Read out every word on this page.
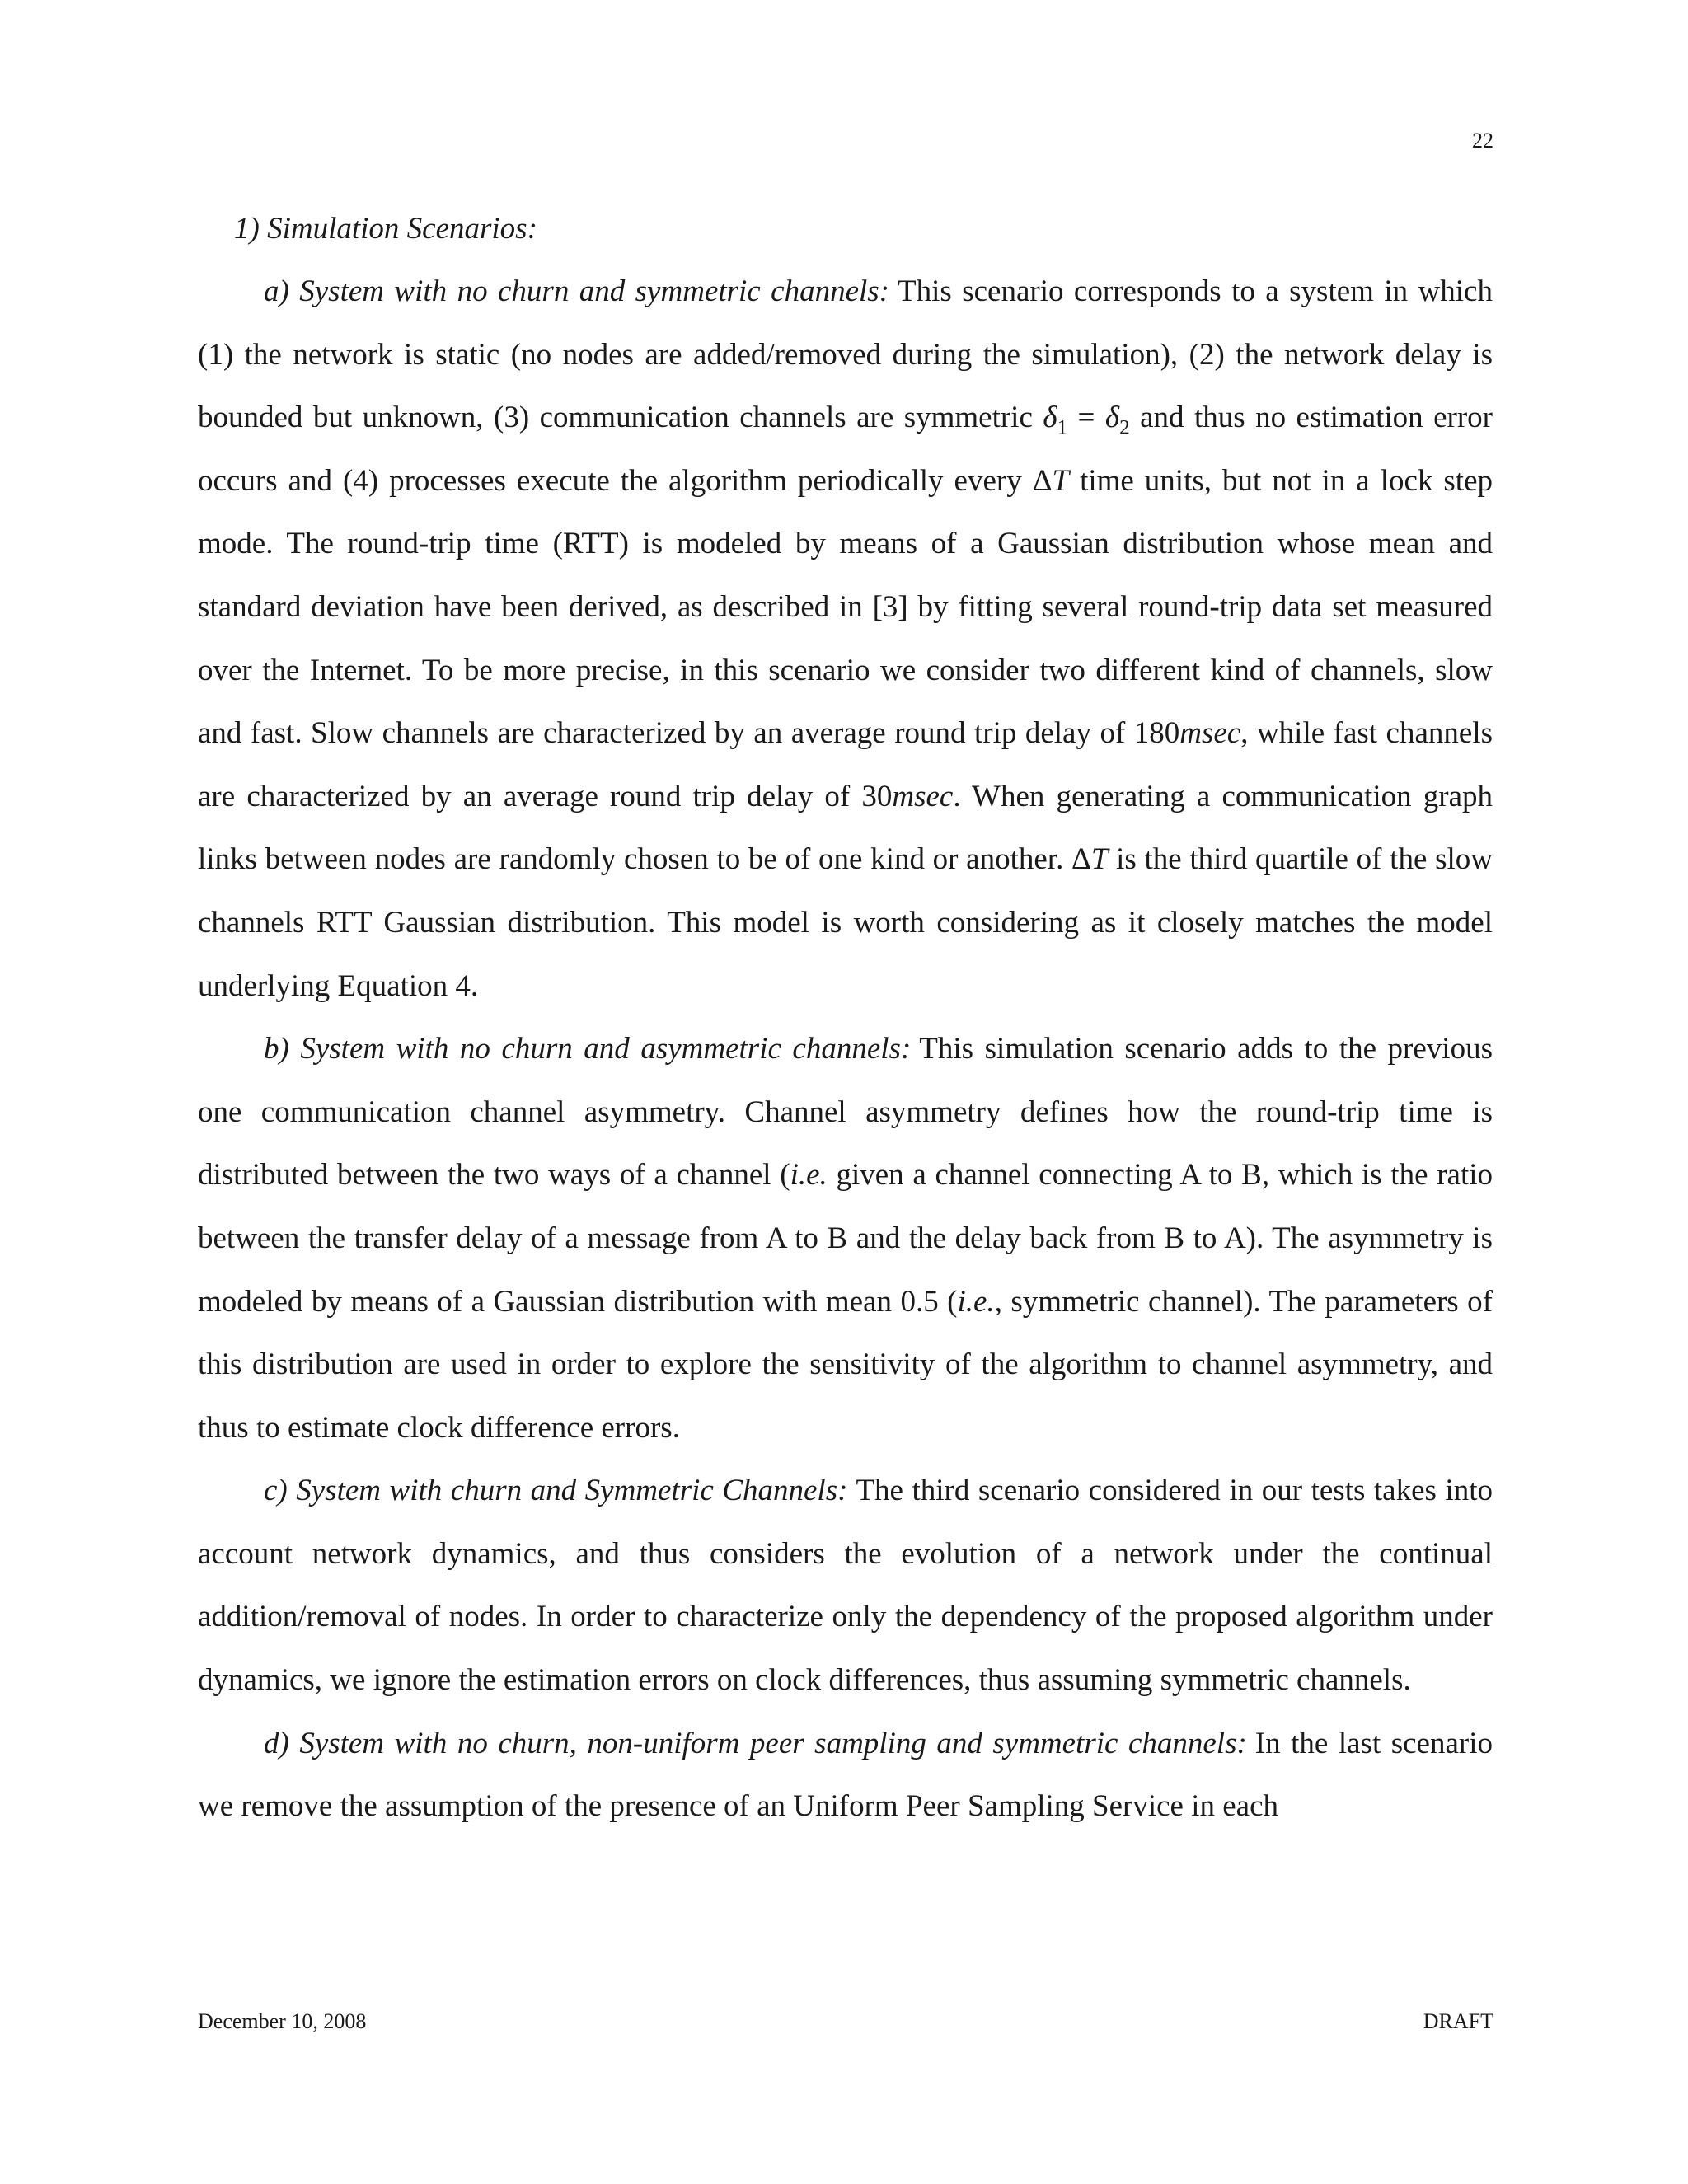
22
1) Simulation Scenarios:

a) System with no churn and symmetric channels: This scenario corresponds to a system in which (1) the network is static (no nodes are added/removed during the simulation), (2) the network delay is bounded but unknown, (3) communication channels are symmetric $\delta_1 = \delta_2$ and thus no estimation error occurs and (4) processes execute the algorithm periodically every ΔT time units, but not in a lock step mode. The round-trip time (RTT) is modeled by means of a Gaussian distribution whose mean and standard deviation have been derived, as described in [3] by fitting several round-trip data set measured over the Internet. To be more precise, in this scenario we consider two different kind of channels, slow and fast. Slow channels are characterized by an average round trip delay of 180msec, while fast channels are characterized by an average round trip delay of 30msec. When generating a communication graph links between nodes are randomly chosen to be of one kind or another. ΔT is the third quartile of the slow channels RTT Gaussian distribution. This model is worth considering as it closely matches the model underlying Equation 4.

b) System with no churn and asymmetric channels: This simulation scenario adds to the previous one communication channel asymmetry. Channel asymmetry defines how the round-trip time is distributed between the two ways of a channel (i.e. given a channel connecting A to B, which is the ratio between the transfer delay of a message from A to B and the delay back from B to A). The asymmetry is modeled by means of a Gaussian distribution with mean 0.5 (i.e., symmetric channel). The parameters of this distribution are used in order to explore the sensitivity of the algorithm to channel asymmetry, and thus to estimate clock difference errors.

c) System with churn and Symmetric Channels: The third scenario considered in our tests takes into account network dynamics, and thus considers the evolution of a network under the continual addition/removal of nodes. In order to characterize only the dependency of the proposed algorithm under dynamics, we ignore the estimation errors on clock differences, thus assuming symmetric channels.

d) System with no churn, non-uniform peer sampling and symmetric channels: In the last scenario we remove the assumption of the presence of an Uniform Peer Sampling Service in each

December 10, 2008	DRAFT
